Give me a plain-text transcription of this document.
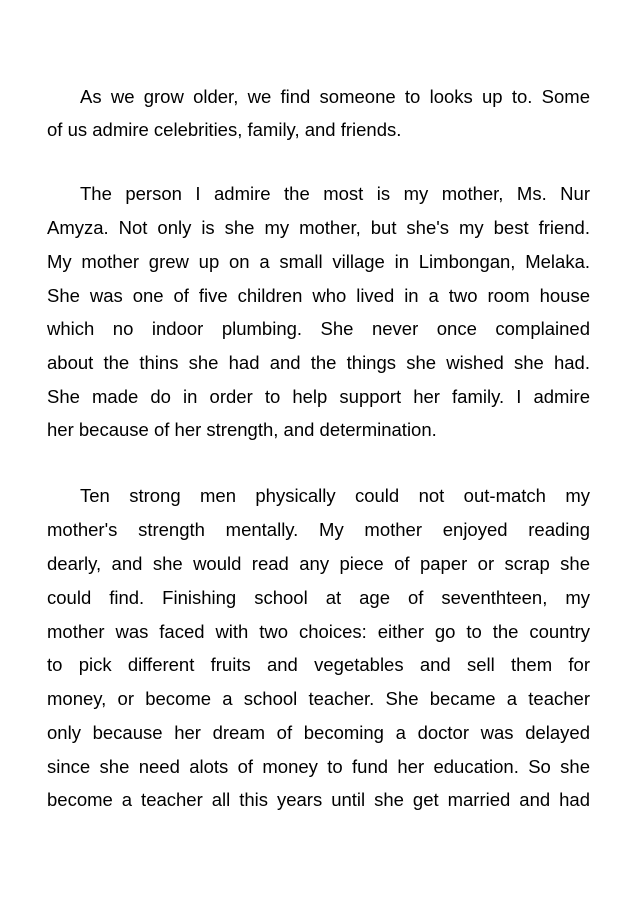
As we grow older, we find someone to looks up to. Some
of us admire celebrities, family, and friends.
The person I admire the most is my mother, Ms. Nur
Amyza. Not only is she my mother, but she's my best friend.
My mother grew up on a small village in Limbongan, Melaka.
She was one of five children who lived in a two room house
which no indoor plumbing. She never once complained
about the thins she had and the things she wished she had.
She made do in order to help support her family. I admire
her because of her strength, and determination.
Ten strong men physically could not out-match my
mother's strength mentally. My mother enjoyed reading
dearly, and she would read any piece of paper or scrap she
could find. Finishing school at age of seventhteen, my
mother was faced with two choices: either go to the country
to pick different fruits and vegetables and sell them for
money, or become a school teacher. She became a teacher
only because her dream of becoming a doctor was delayed
since she need alots of money to fund her education. So she
become a teacher all this years until she get married and had
